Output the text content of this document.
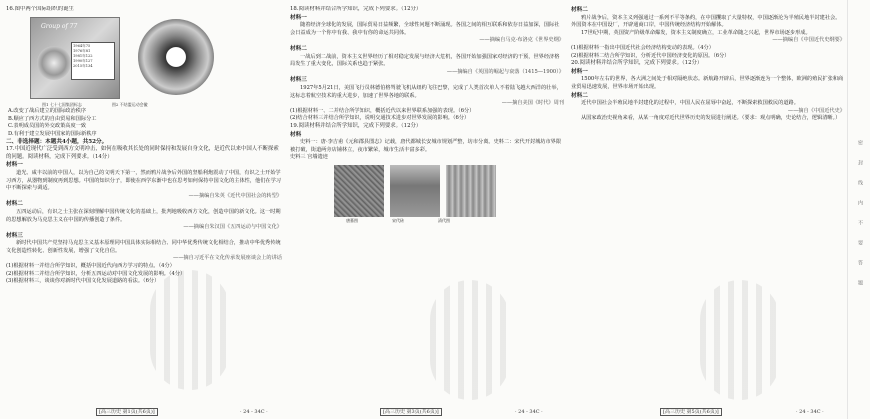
16.图中两个国际组织的诞生

Group of 77
1964年75
1976年81
1981年122
1990年127
2015年134
图1 七十七国集团标志	图2 不结盟运动会徽

A.改变了战后建立的国际政治秩序

B.顺应了西方式的自由贸易和国际分工

C.表明成员国的外交政策高度一致

D.有利于建立发展中国家的国际新秩序

二、非选择题：本题共4小题，共52分。

17.中国近现代广泛受到西方文明冲击，如何在吸收其长处的同时保持和发展自身文化，是近代以来中国人不断探索的问题。阅读材料，完成下列要求。（14分）

材料一

道光、咸丰以前的中国人，以为自己的文明天下第一，然而鸦片战争后外国的坚船利炮震动了中国，有识之士开始学习西方，从器物到制度再到思想。中国的知识分子，即使在西学东渐中也在思考如何保持中国文化的主体性，他们在学习中不断探索与调适。

——摘编自朱英《近代中国社会的转型》

材料二

五四运动后，有识之士主张在深刻理解中国传统文化的基础上，批判地吸收西方文化，创造中国的新文化。这一时期的思想解放为马克思主义在中国的传播创造了条件。

——摘编自朱汉国《五四运动与中国文化》

材料三

新时代中国共产党坚持马克思主义基本原理同中国具体实际相结合、同中华优秀传统文化相结合，推动中华优秀传统文化创造性转化、创新性发展，增强了文化自信。

——摘自习近平在文化传承发展座谈会上的讲话

(1)根据材料一并结合所学知识，概括中国近代向西方学习的特点。（4分）

(2)根据材料二并结合所学知识，分析五四运动对中国文化发展的影响。（4分）

(3)根据材料三，谈谈你对新时代中国文化发展道路的看法。（6分）

18.阅读材料并结合所学知识，完成下列要求。（12分）

材料一

随着经济全球化的发展，国际贸易日益频繁，全球性问题不断涌现。各国之间的相互联系和依存日益加深，国际社会日益成为一个你中有我、我中有你的命运共同体。

——摘编自马克·布洛克《世界史纲》

材料二

一战后到二战前，资本主义世界经历了相对稳定发展与经济大危机，各国开始加强国家对经济的干预，世界经济格局发生了重大变化，国际关系也趋于紧张。

——摘编自《英国的崛起与衰落（1415—1900）》

材料三

1927年5月21日，美国飞行员林德伯格驾驶飞机从纽约飞往巴黎，完成了人类首次单人不着陆飞越大西洋的壮举，这标志着航空技术的重大进步，加速了世界各地的联系。

——摘自美国《时代》周刊

(1)根据材料一、二并结合所学知识，概括近代以来世界联系加强的表现。（6分）

(2)结合材料三并结合所学知识，说明交通技术进步对世界发展的影响。（6分）

19.阅读材料并结合所学知识，完成下列要求。（12分）

材料

史料一：唐·李吉甫《元和郡县图志》记载，唐代都城长安城市规划严整，坊市分离。史料二：宋代开封城坊市界限被打破，街道两旁店铺林立，夜市繁荣，城市生活丰富多彩。

史料三 宫墙遗迹

唐墓图	宋代砖	清代图

材料二

鸦片战争后，资本主义列强通过一系列不平等条约，在中国攫取了大量特权，中国逐渐沦为半殖民地半封建社会。外国资本在中国设厂，开辟通商口岸，中国传统经济结构开始解体。

17世纪中期，英国资产阶级革命爆发，资本主义制度确立，工业革命随之兴起，世界市场逐步形成。

——摘编自《中国近代史纲要》

(1)根据材料一指出中国近代社会经济结构变动的表现。（4分）

(2)根据材料二结合所学知识，分析近代中国经济变化的原因。（6分）

20.阅读材料并结合所学知识，完成下列要求。（12分）

材料一

1500年左右的世界，各大洲之间处于相对隔绝状态。新航路开辟后，世界逐渐连为一个整体，欧洲的殖民扩张和商业贸易迅速发展，世界市场开始出现。

材料二

近代中国社会半殖民地半封建化的过程中，中国人民在屈辱中奋起，不断探索救国救民的道路。

——摘自《中国近代史》

从国家政治史视角来看，从某一角度对近代世界历史的发展进行阐述。（要求：观点明确，史论结合，逻辑清晰。）

密
封
线
内
不
要
答
题
[高三历史 第1页(共6页)]	· 24 - 34C ·	[高三历史 第3页(共6页)]	· 24 - 34C ·	[高三历史 第5页(共6页)]	· 24 - 34C ·
